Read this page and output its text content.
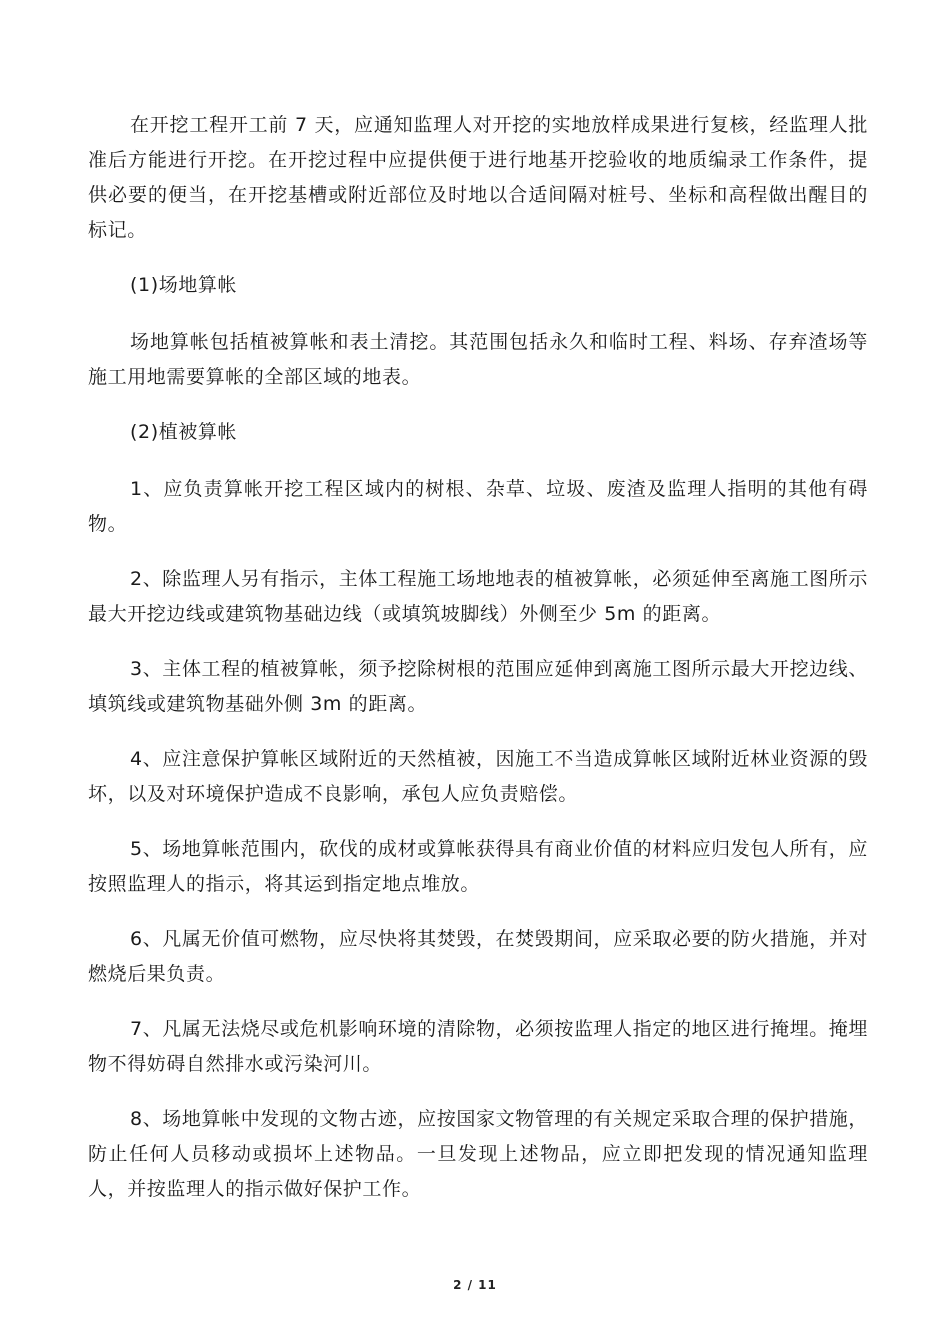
在开挖工程开工前 7 天，应通知监理人对开挖的实地放样成果进行复核，经监理人批准后方能进行开挖。在开挖过程中应提供便于进行地基开挖验收的地质编录工作条件，提供必要的便当，在开挖基槽或附近部位及时地以合适间隔对桩号、坐标和高程做出醒目的标记。

(1)场地算帐

场地算帐包括植被算帐和表土清挖。其范围包括永久和临时工程、料场、存弃渣场等施工用地需要算帐的全部区域的地表。

(2)植被算帐

1、应负责算帐开挖工程区域内的树根、杂草、垃圾、废渣及监理人指明的其他有碍物。

2、除监理人另有指示，主体工程施工场地地表的植被算帐，必须延伸至离施工图所示最大开挖边线或建筑物基础边线（或填筑坡脚线）外侧至少 5m 的距离。

3、主体工程的植被算帐，须予挖除树根的范围应延伸到离施工图所示最大开挖边线、填筑线或建筑物基础外侧 3m 的距离。

4、应注意保护算帐区域附近的天然植被，因施工不当造成算帐区域附近林业资源的毁坏，以及对环境保护造成不良影响，承包人应负责赔偿。

5、场地算帐范围内，砍伐的成材或算帐获得具有商业价值的材料应归发包人所有，应按照监理人的指示，将其运到指定地点堆放。

6、凡属无价值可燃物，应尽快将其焚毁，在焚毁期间，应采取必要的防火措施，并对燃烧后果负责。

7、凡属无法烧尽或危机影响环境的清除物，必须按监理人指定的地区进行掩埋。掩埋物不得妨碍自然排水或污染河川。

8、场地算帐中发现的文物古迹，应按国家文物管理的有关规定采取合理的保护措施，防止任何人员移动或损坏上述物品。一旦发现上述物品，应立即把发现的情况通知监理人，并按监理人的指示做好保护工作。

2 / 11
